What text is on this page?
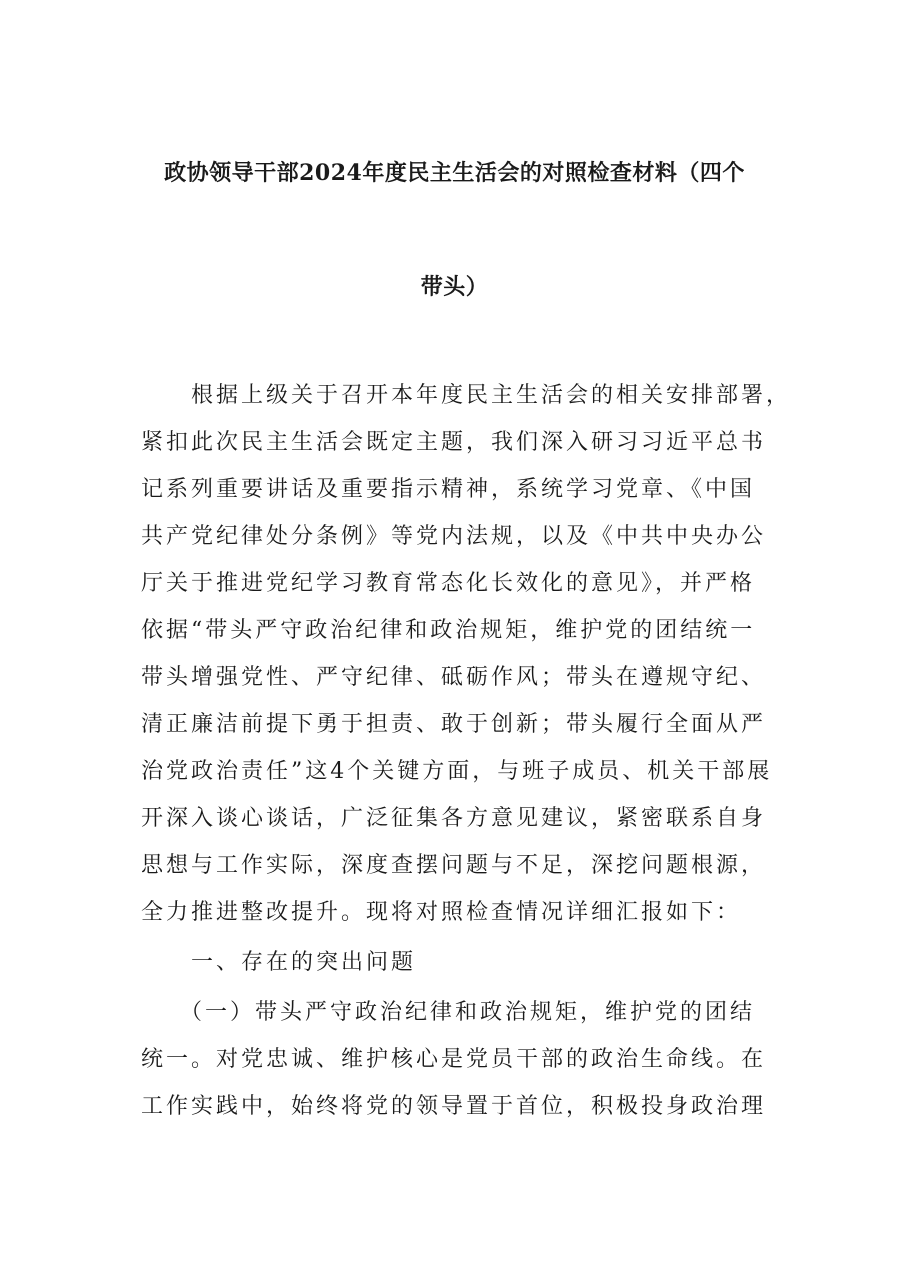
政协领导干部2024年度民主生活会的对照检查材料（四个
带头）
　　根据上级关于召开本年度民主生活会的相关安排部署，
紧扣此次民主生活会既定主题，我们深入研习习近平总书
记系列重要讲话及重要指示精神，系统学习党章、《中国
共产党纪律处分条例》等党内法规，以及《中共中央办公
厅关于推进党纪学习教育常态化长效化的意见》，并严格
依据“带头严守政治纪律和政治规矩，维护党的团结统一
带头增强党性、严守纪律、砥砺作风；带头在遵规守纪、
清正廉洁前提下勇于担责、敢于创新；带头履行全面从严
治党政治责任”这4个关键方面，与班子成员、机关干部展
开深入谈心谈话，广泛征集各方意见建议，紧密联系自身
思想与工作实际，深度查摆问题与不足，深挖问题根源，
全力推进整改提升。现将对照检查情况详细汇报如下：
　　一、存在的突出问题
　　（一）带头严守政治纪律和政治规矩，维护党的团结
统一。对党忠诚、维护核心是党员干部的政治生命线。在
工作实践中，始终将党的领导置于首位，积极投身政治理
